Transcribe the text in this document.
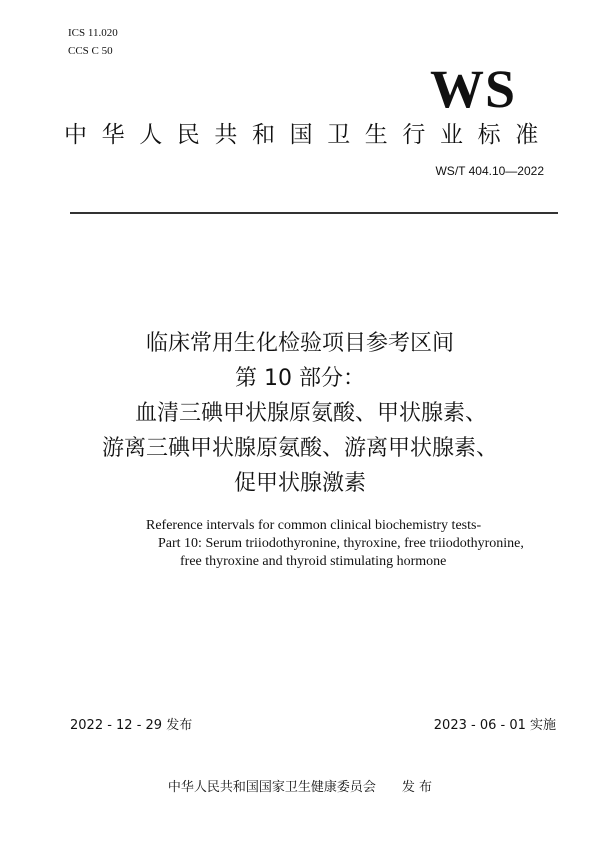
ICS 11.020
CCS C 50
WS
中华人民共和国卫生行业标准
WS/T 404.10—2022
临床常用生化检验项目参考区间
第 10 部分：
血清三碘甲状腺原氨酸、甲状腺素、
游离三碘甲状腺原氨酸、游离甲状腺素、
促甲状腺激素
Reference intervals for common clinical biochemistry tests-
Part 10: Serum triiodothyronine, thyroxine, free triiodothyronine,
free thyroxine and thyroid stimulating hormone
2022 - 12 - 29 发布	2023 - 06 - 01 实施
中华人民共和国国家卫生健康委员会　　发 布
